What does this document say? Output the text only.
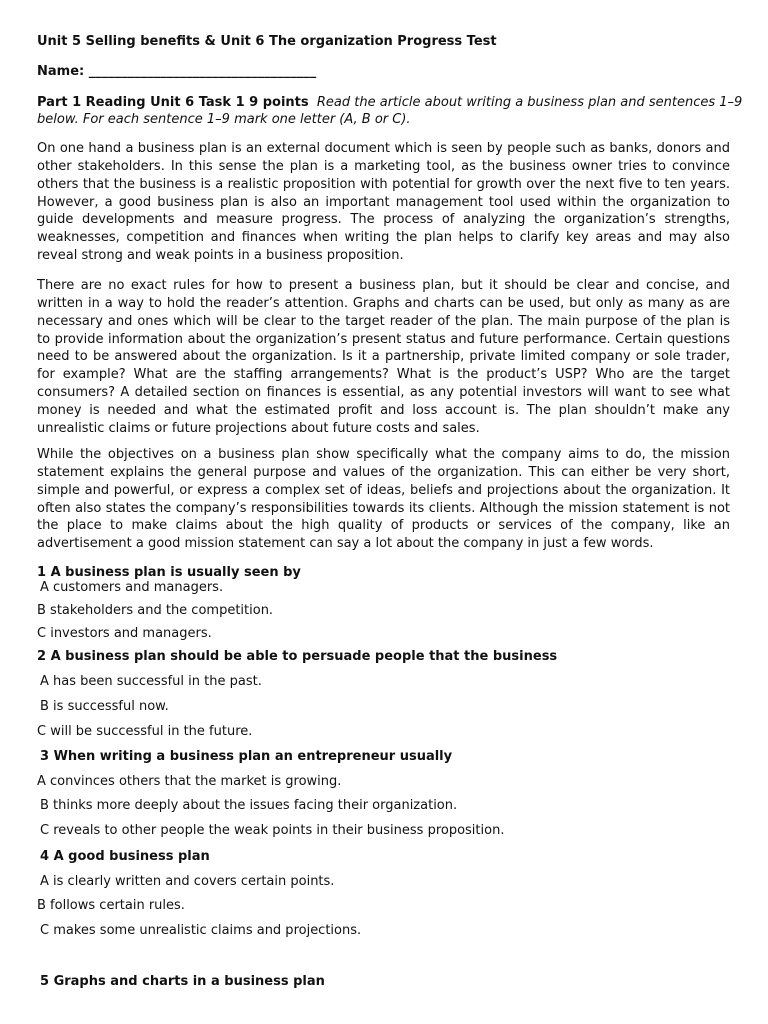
Unit 5 Selling benefits & Unit 6 The organization Progress Test
Name: ___________________________________
Part 1 Reading Unit 6 Task 1 9 points Read the article about writing a business plan and sentences 1–9
below. For each sentence 1–9 mark one letter (A, B or C).

On one hand a business plan is an external document which is seen by people such as banks, donors and other stakeholders. In this sense the plan is a marketing tool, as the business owner tries to convince others that the business is a realistic proposition with potential for growth over the next five to ten years. However, a good business plan is also an important management tool used within the organization to guide developments and measure progress. The process of analyzing the organization’s strengths, weaknesses, competition and finances when writing the plan helps to clarify key areas and may also reveal strong and weak points in a business proposition.

There are no exact rules for how to present a business plan, but it should be clear and concise, and written in a way to hold the reader’s attention. Graphs and charts can be used, but only as many as are necessary and ones which will be clear to the target reader of the plan. The main purpose of the plan is to provide information about the organization’s present status and future performance. Certain questions need to be answered about the organization. Is it a partnership, private limited company or sole trader, for example? What are the staffing arrangements? What is the product’s USP? Who are the target consumers? A detailed section on finances is essential, as any potential investors will want to see what money is needed and what the estimated profit and loss account is. The plan shouldn’t make any unrealistic claims or future projections about future costs and sales.

While the objectives on a business plan show specifically what the company aims to do, the mission statement explains the general purpose and values of the organization. This can either be very short, simple and powerful, or express a complex set of ideas, beliefs and projections about the organization. It often also states the company’s responsibilities towards its clients. Although the mission statement is not the place to make claims about the high quality of products or services of the company, like an advertisement a good mission statement can say a lot about the company in just a few words.

1 A business plan is usually seen by
A customers and managers.
B stakeholders and the competition.
C investors and managers.
2 A business plan should be able to persuade people that the business
A has been successful in the past.
B is successful now.
C will be successful in the future.
3 When writing a business plan an entrepreneur usually
A convinces others that the market is growing.
B thinks more deeply about the issues facing their organization.
C reveals to other people the weak points in their business proposition.
4 A good business plan
A is clearly written and covers certain points.
B follows certain rules.
C makes some unrealistic claims and projections.
5 Graphs and charts in a business plan
